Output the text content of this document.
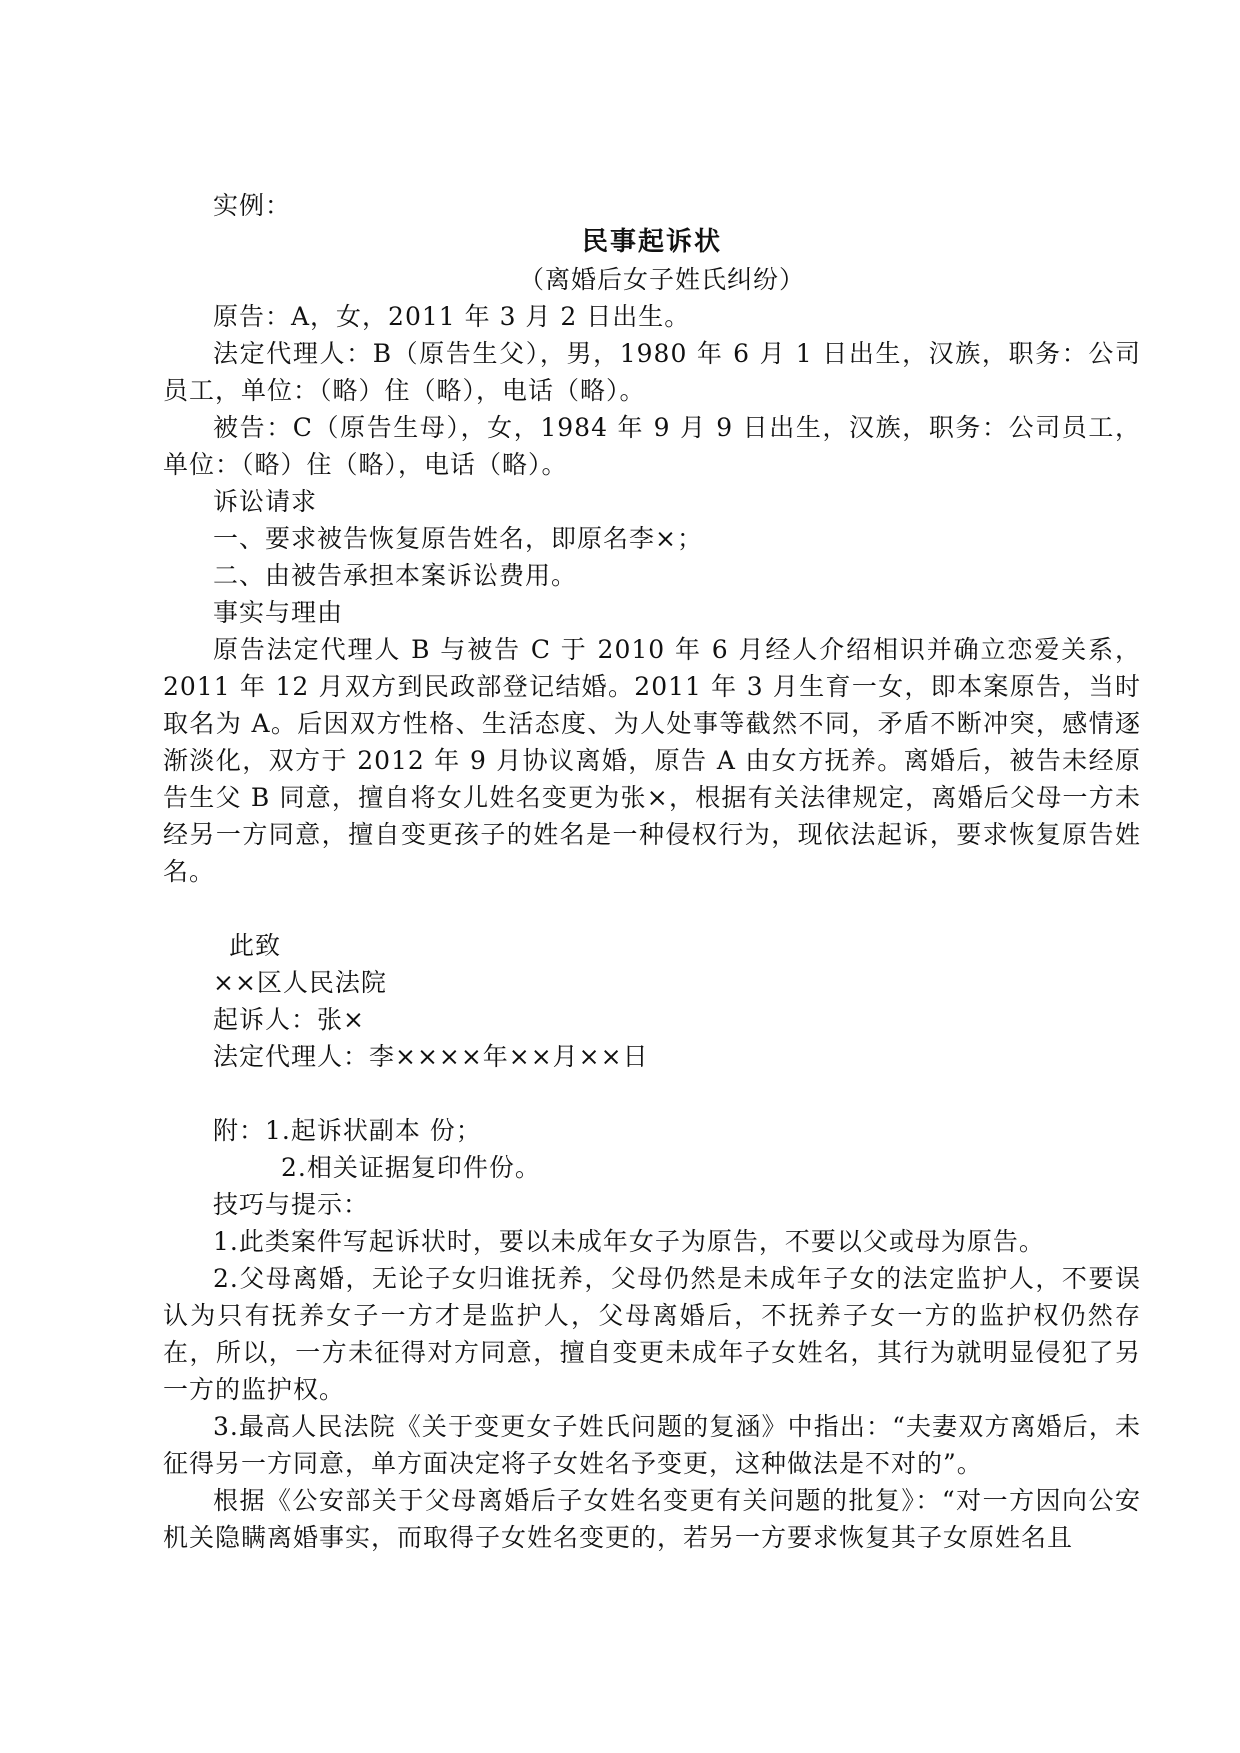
实例：

民事起诉状

（离婚后女子姓氏纠纷）

原告：A，女，2011 年 3 月 2 日出生。

法定代理人：B（原告生父），男，1980 年 6 月 1 日出生，汉族，职务：公司员工，单位：（略）住（略），电话（略）。

被告：C（原告生母），女，1984 年 9 月 9 日出生，汉族，职务：公司员工，单位：（略）住（略），电话（略）。

诉讼请求

一、要求被告恢复原告姓名，即原名李×；

二、由被告承担本案诉讼费用。

事实与理由

原告法定代理人 B 与被告 C 于 2010 年 6 月经人介绍相识并确立恋爱关系，2011 年 12 月双方到民政部登记结婚。2011 年 3 月生育一女，即本案原告，当时取名为 A。后因双方性格、生活态度、为人处事等截然不同，矛盾不断冲突，感情逐渐淡化，双方于 2012 年 9 月协议离婚，原告 A 由女方抚养。离婚后，被告未经原告生父 B 同意，擅自将女儿姓名变更为张×，根据有关法律规定，离婚后父母一方未经另一方同意，擅自变更孩子的姓名是一种侵权行为，现依法起诉，要求恢复原告姓名。

此致

××区人民法院

起诉人：张×

法定代理人：李××××年××月××日

附：1.起诉状副本 份；

2.相关证据复印件份。

技巧与提示：

1.此类案件写起诉状时，要以未成年女子为原告，不要以父或母为原告。

2.父母离婚，无论子女归谁抚养，父母仍然是未成年子女的法定监护人，不要误认为只有抚养女子一方才是监护人，父母离婚后，不抚养子女一方的监护权仍然存在，所以，一方未征得对方同意，擅自变更未成年子女姓名，其行为就明显侵犯了另一方的监护权。

3.最高人民法院《关于变更女子姓氏问题的复涵》中指出：“夫妻双方离婚后，未征得另一方同意，单方面决定将子女姓名予变更，这种做法是不对的”。

根据《公安部关于父母离婚后子女姓名变更有关问题的批复》：“对一方因向公安机关隐瞒离婚事实，而取得子女姓名变更的，若另一方要求恢复其子女原姓名且
